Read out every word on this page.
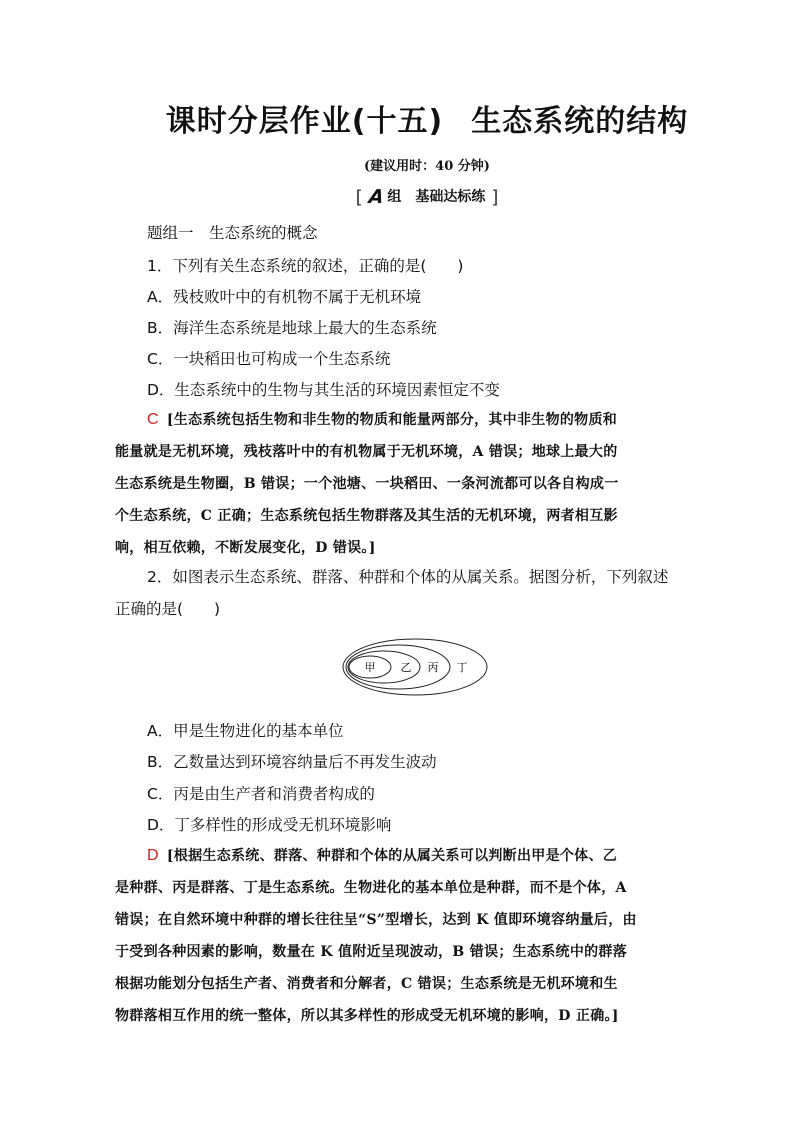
课时分层作业(十五) 生态系统的结构
(建议用时：40 分钟)
[ A 组 基础达标练 ]
题组一　生态系统的概念
1．下列有关生态系统的叙述，正确的是(　　)
A．残枝败叶中的有机物不属于无机环境
B．海洋生态系统是地球上最大的生态系统
C．一块稻田也可构成一个生态系统
D．生态系统中的生物与其生活的环境因素恒定不变
C [生态系统包括生物和非生物的物质和能量两部分，其中非生物的物质和
能量就是无机环境，残枝落叶中的有机物属于无机环境，A 错误；地球上最大的
生态系统是生物圈，B 错误；一个池塘、一块稻田、一条河流都可以各自构成一
个生态系统，C 正确；生态系统包括生物群落及其生活的无机环境，两者相互影
响，相互依赖，不断发展变化，D 错误。]
2．如图表示生态系统、群落、种群和个体的从属关系。据图分析，下列叙述
正确的是(　　)
甲 乙 丙 丁
A．甲是生物进化的基本单位
B．乙数量达到环境容纳量后不再发生波动
C．丙是由生产者和消费者构成的
D．丁多样性的形成受无机环境影响
D [根据生态系统、群落、种群和个体的从属关系可以判断出甲是个体、乙
是种群、丙是群落、丁是生态系统。生物进化的基本单位是种群，而不是个体，A
错误；在自然环境中种群的增长往往呈“S”型增长，达到 K 值即环境容纳量后，由
于受到各种因素的影响，数量在 K 值附近呈现波动，B 错误；生态系统中的群落
根据功能划分包括生产者、消费者和分解者，C 错误；生态系统是无机环境和生
物群落相互作用的统一整体，所以其多样性的形成受无机环境的影响，D 正确。]
